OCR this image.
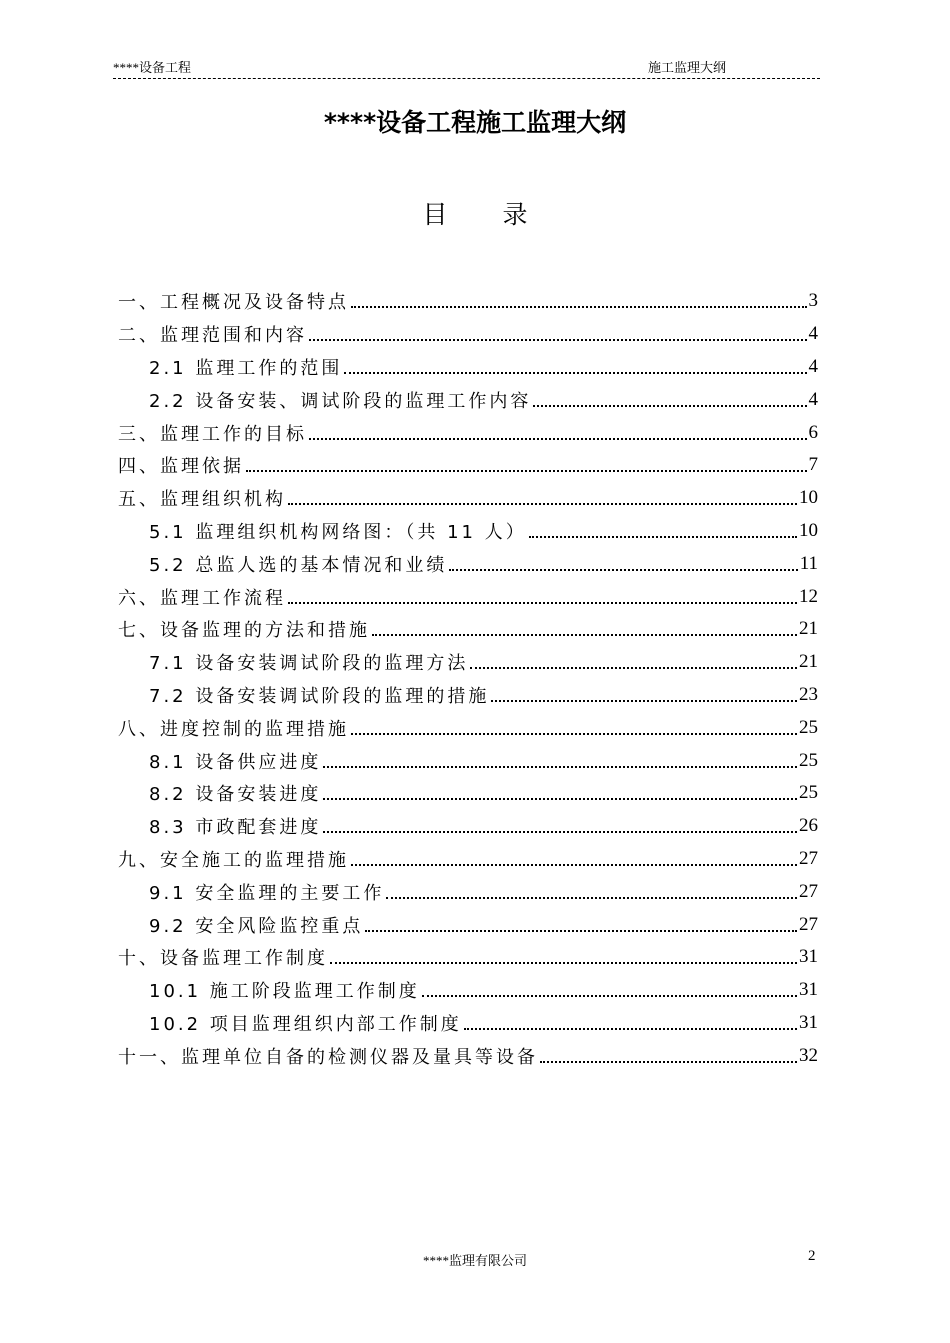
****设备工程	施工监理大纲
****设备工程施工监理大纲
目录
一、工程概况及设备特点	3
二、监理范围和内容	4
2.1 监理工作的范围	4
2.2 设备安装、调试阶段的监理工作内容	4
三、监理工作的目标	6
四、监理依据	7
五、监理组织机构	10
5.1 监理组织机构网络图：（共 11 人）	10
5.2 总监人选的基本情况和业绩	11
六、监理工作流程	12
七、设备监理的方法和措施	21
7.1 设备安装调试阶段的监理方法	21
7.2 设备安装调试阶段的监理的措施	23
八、进度控制的监理措施	25
8.1 设备供应进度	25
8.2 设备安装进度	25
8.3 市政配套进度	26
九、安全施工的监理措施	27
9.1 安全监理的主要工作	27
9.2 安全风险监控重点	27
十、设备监理工作制度	31
10.1 施工阶段监理工作制度	31
10.2 项目监理组织内部工作制度	31
十一、监理单位自备的检测仪器及量具等设备	32
****监理有限公司	2
